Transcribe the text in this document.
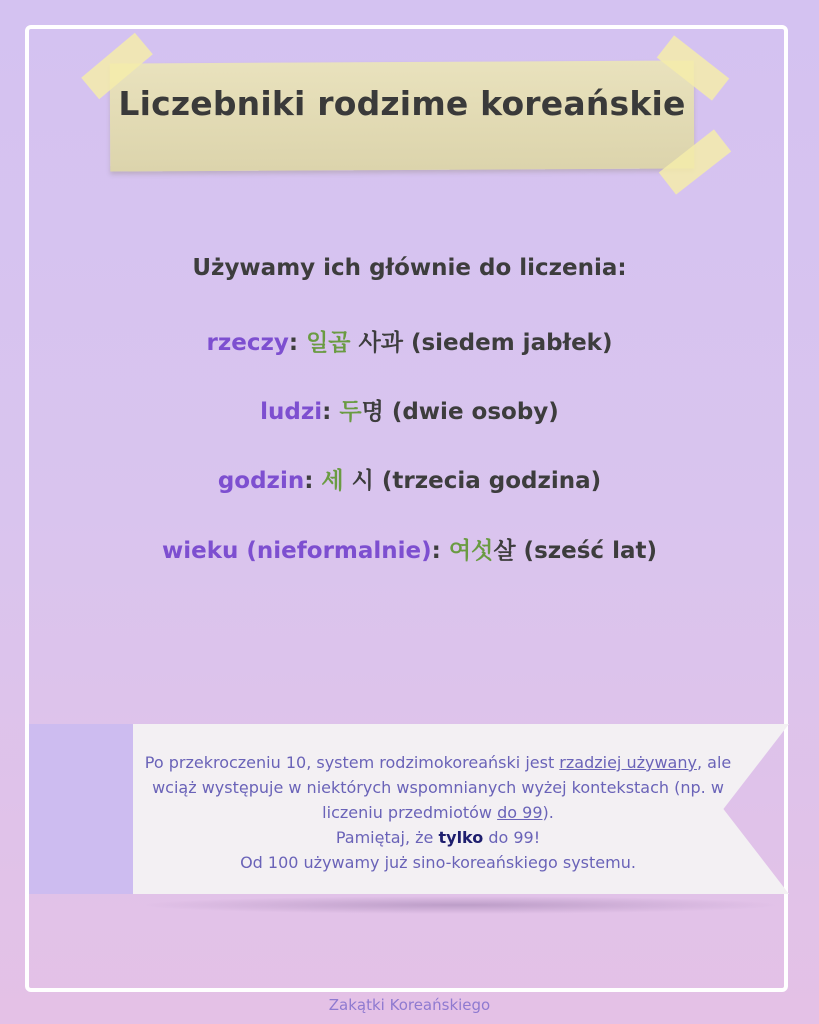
Liczebniki rodzime koreańskie
Używamy ich głównie do liczenia:
rzeczy: 일곱 사과 (siedem jabłek)
ludzi: 두명 (dwie osoby)
godzin: 세 시 (trzecia godzina)
wieku (nieformalnie): 여섯살 (sześć lat)
Po przekroczeniu 10, system rodzimokoreański jest rzadziej używany, ale wciąż występuje w niektórych wspomnianych wyżej kontekstach (np. w liczeniu przedmiotów do 99).
Pamiętaj, że tylko do 99!
Od 100 używamy już sino-koreańskiego systemu.
Zakątki Koreańskiego
